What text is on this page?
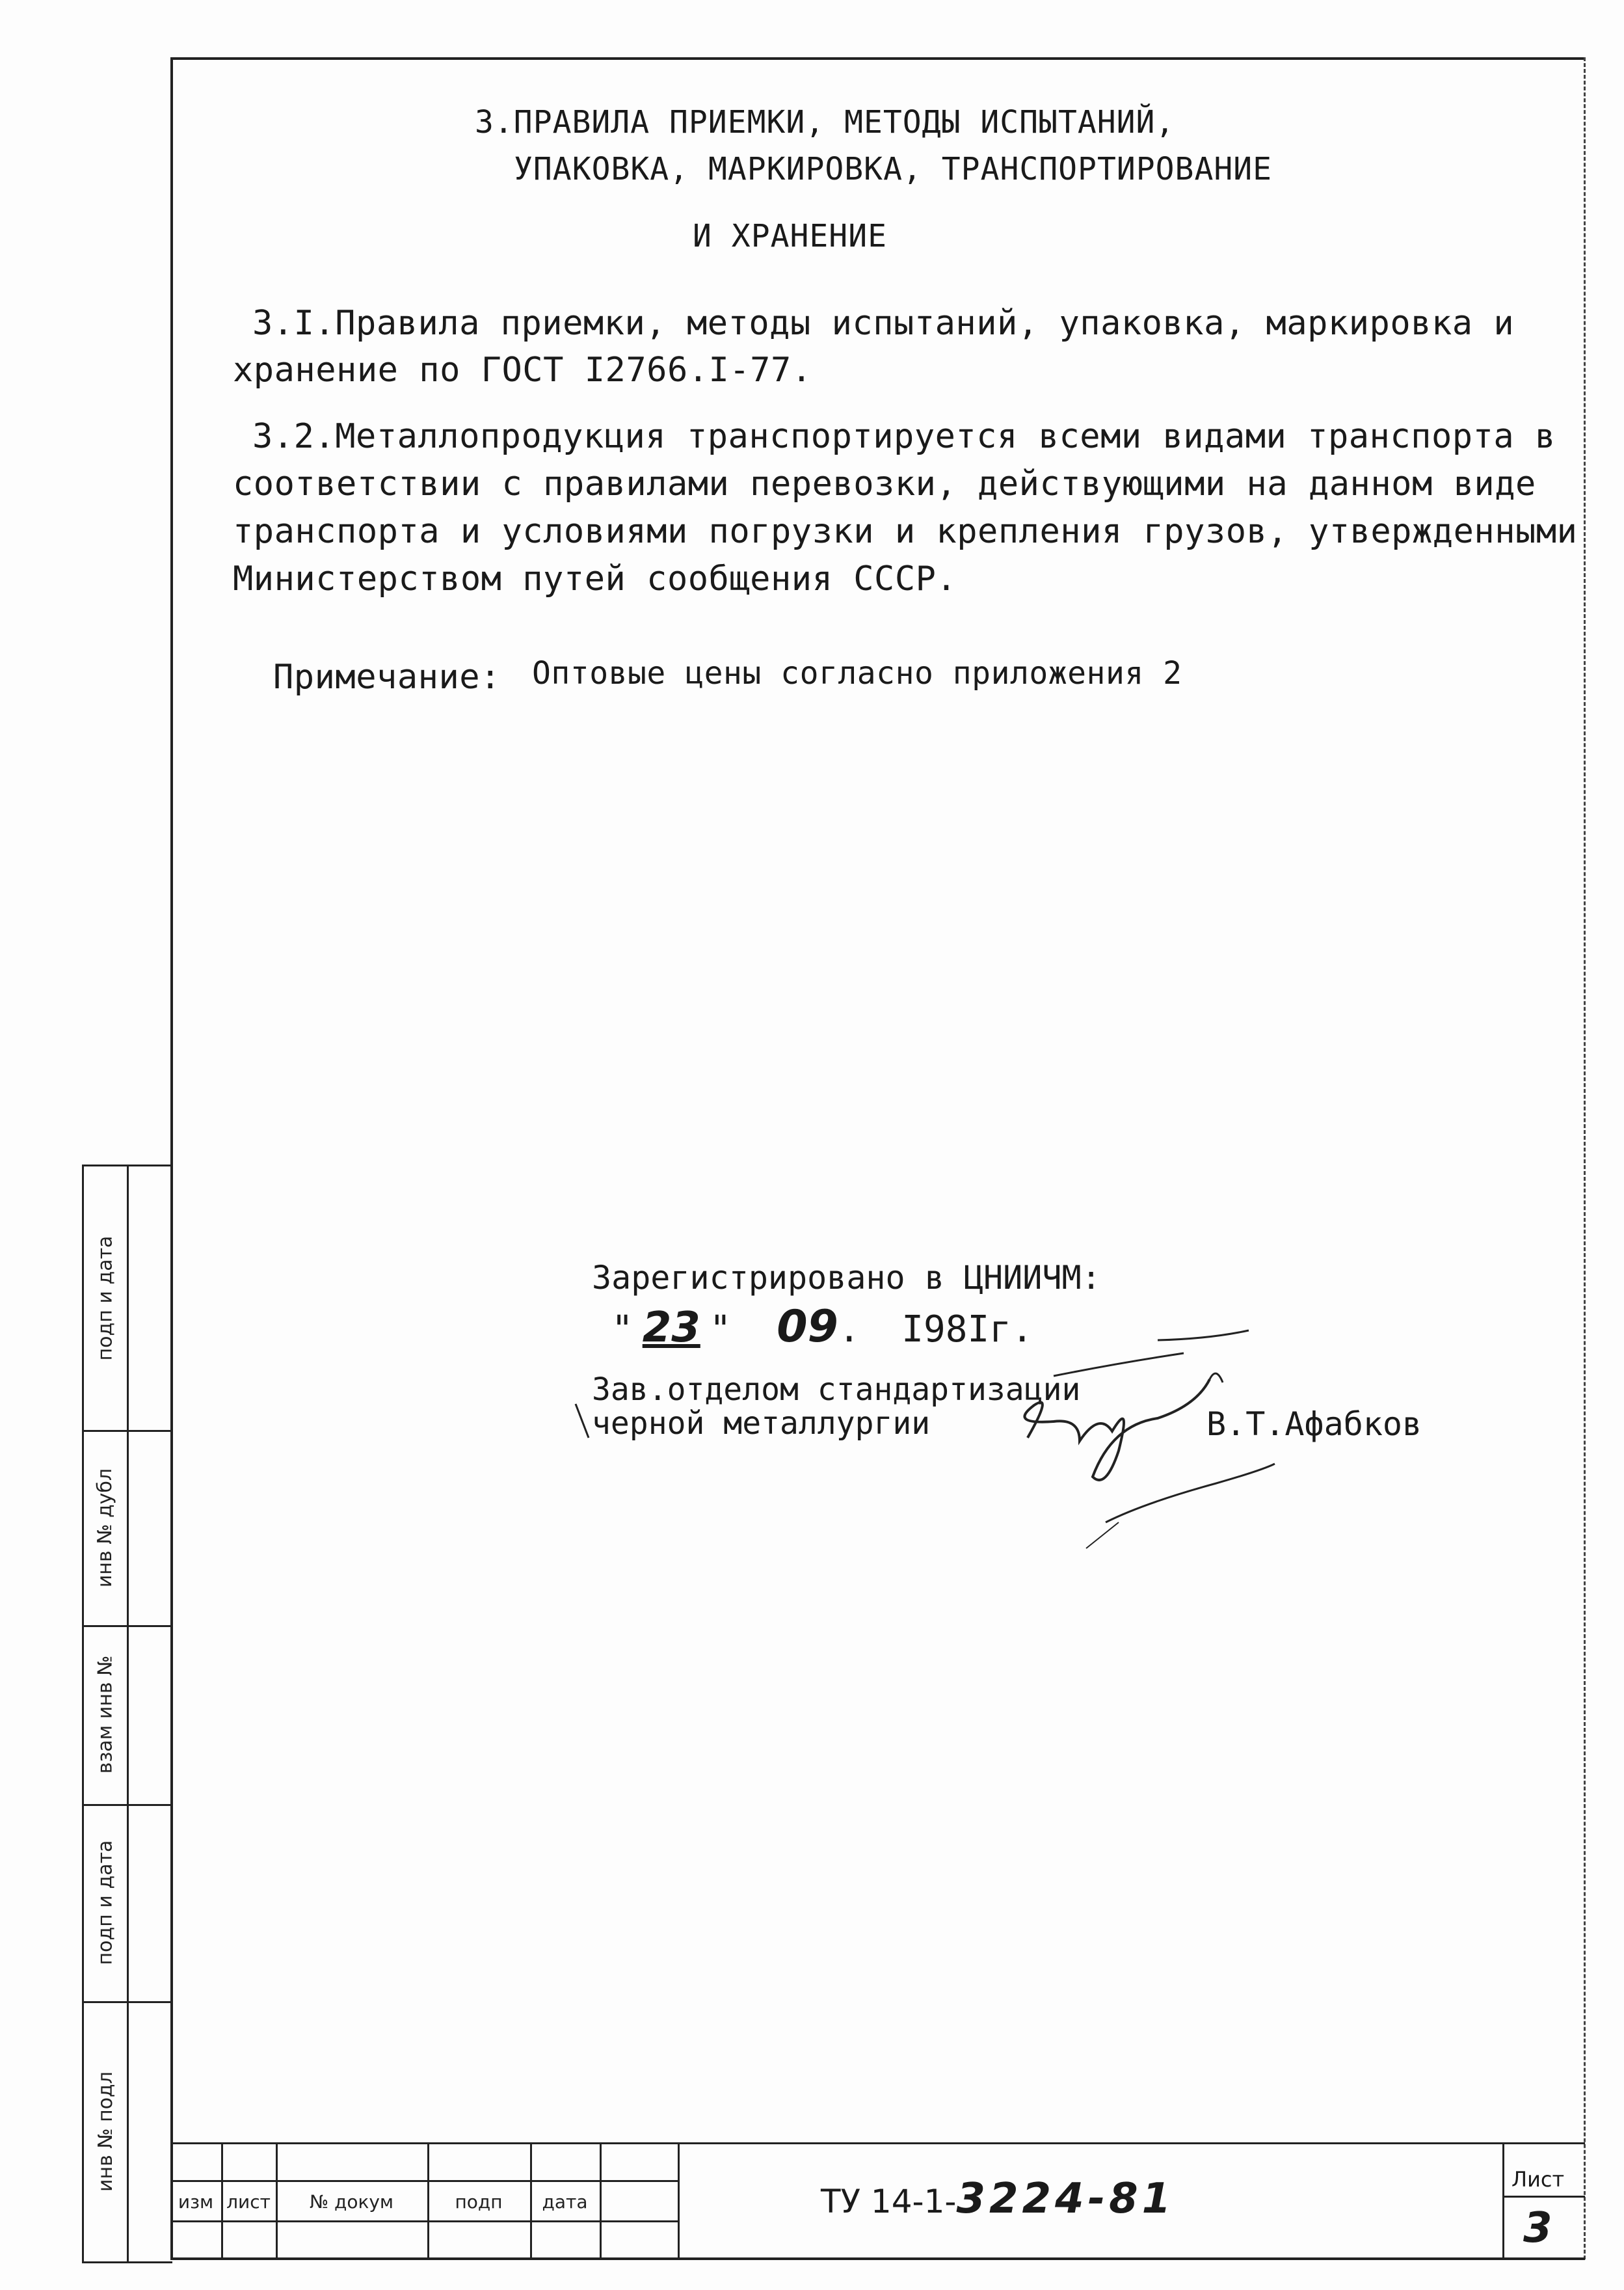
3.ПРАВИЛА ПРИЕМКИ, МЕТОДЫ ИСПЫТАНИЙ,
УПАКОВКА, МАРКИРОВКА, ТРАНСПОРТИРОВАНИЕ
И ХРАНЕНИЕ
3.I.Правила приемки, методы испытаний, упаковка, маркировка и
хранение по ГОСТ I2766.I-77.
3.2.Металлопродукция транспортируется всеми видами транспорта в
соответствии с правилами перевозки, действующими на данном виде
транспорта и условиями погрузки и крепления грузов, утвержденными
Министерством путей сообщения СССР.
Примечание: Оптовые цены согласно приложения 2
Зарегистрировано в ЦНИИЧМ:
" 23 " 09. I98Iг.
Зав.отделом стандартизации
черной металлургии	В.Т.Афабков
подп и дата
инв № дубл
взам инв №
подп и дата
инв № подл
изм лист	№ докум	подп	дата	ТУ 14-1-3224-81	Лист
3
